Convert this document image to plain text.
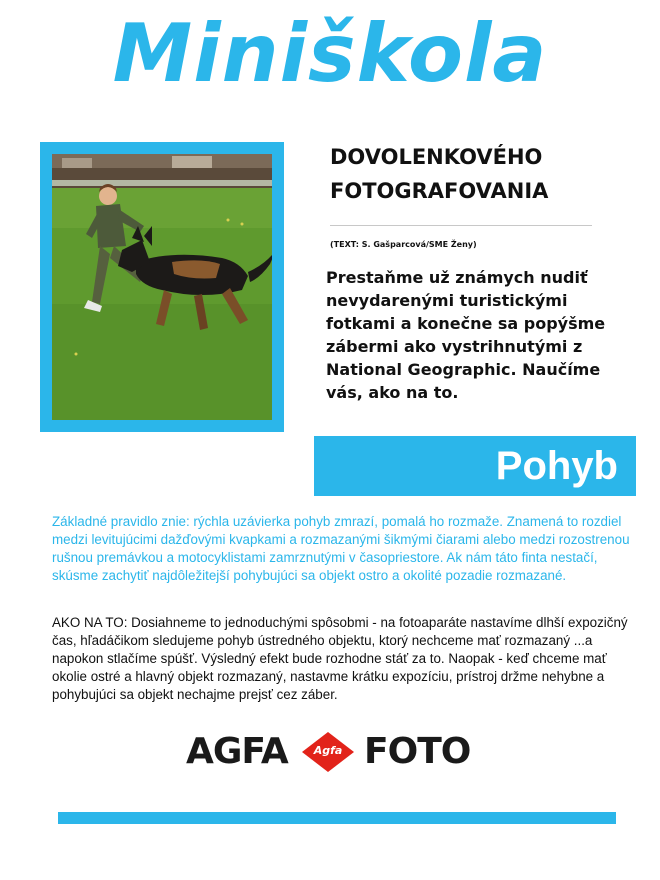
Miniškola
DOVOLENKOVÉHO
FOTOGRAFOVANIA
(TEXT: S. Gašparcová/SME Ženy)
Prestaňme už známych nudiť nevydarenými turistickými fotkami a konečne sa popýšme zábermi ako vystrihnutými z National Geographic. Naučíme vás, ako na to.
Pohyb

Základné pravidlo znie: rýchla uzávierka pohyb zmrazí, pomalá ho rozmaže. Znamená to rozdiel medzi levitujúcimi dažďovými kvapkami a rozmazanými šikmými čiarami alebo medzi rozostrenou rušnou premávkou a motocyklistami zamrznutými v časopriestore. Ak nám táto finta nestačí, skúsme zachytiť najdôležitejší pohybujúci sa objekt ostro a okolité pozadie rozmazané.

AKO NA TO: Dosiahneme to jednoduchými spôsobmi - na fotoaparáte nastavíme dlhší expozičný čas, hľadáčikom sledujeme pohyb ústredného objektu, ktorý nechceme mať rozmazaný ...a napokon stlačíme spúšť. Výsledný efekt bude rozhodne stáť za to. Naopak - keď chceme mať okolie ostré a hlavný objekt rozmazaný, nastavme krátku expozíciu, prístroj držme nehybne a pohybujúci sa objekt nechajme prejsť cez záber.

AGFA	Agfa FOTO
